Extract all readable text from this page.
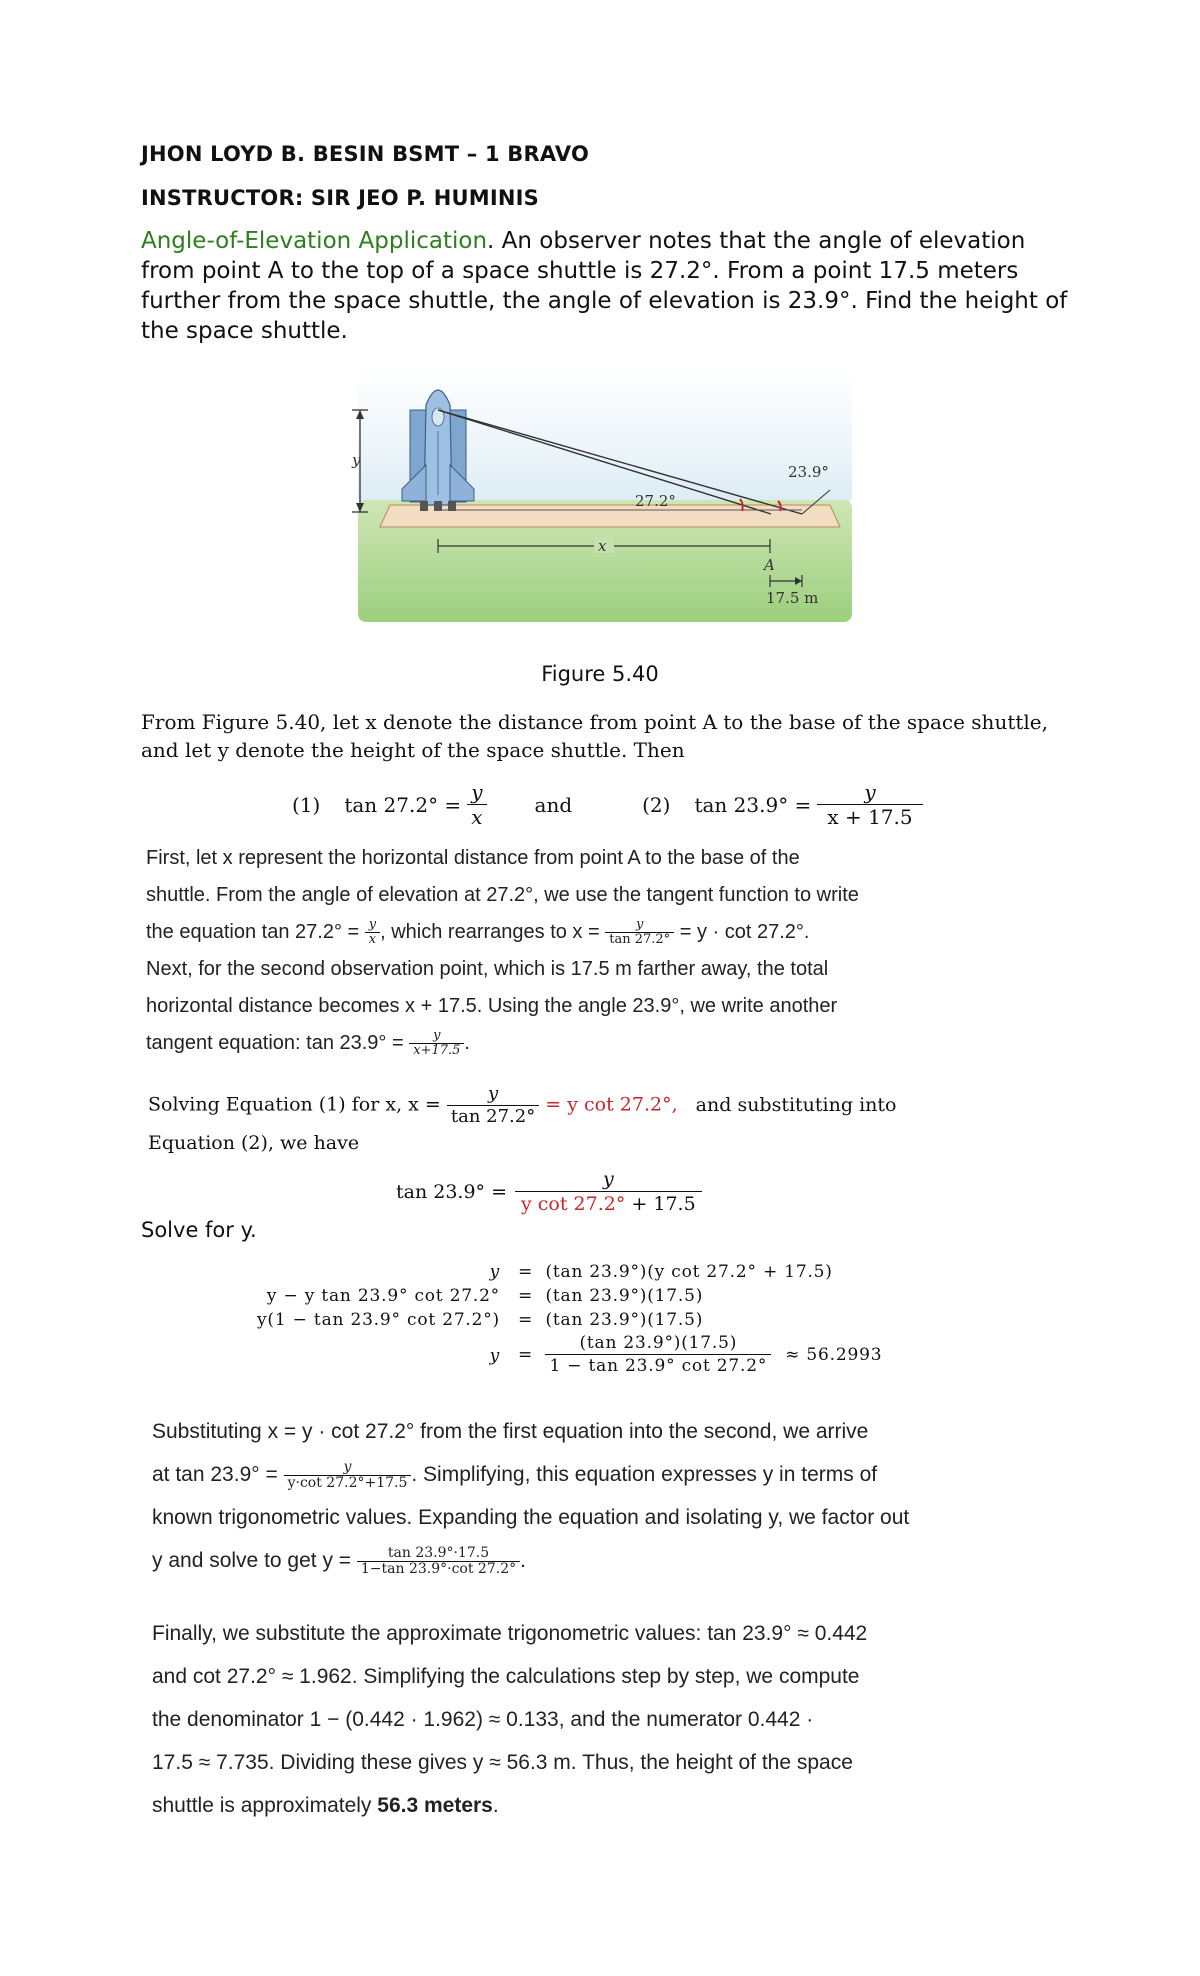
JHON LOYD B. BESIN BSMT – 1 BRAVO
INSTRUCTOR: SIR JEO P. HUMINIS
Angle-of-Elevation Application. An observer notes that the angle of elevation from point A to the top of a space shuttle is 27.2°. From a point 17.5 meters further from the space shuttle, the angle of elevation is 23.9°. Find the height of the space shuttle.
27.2°
23.9°
y
x
A
17.5 m
Figure 5.40
From Figure 5.40, let x denote the distance from point A to the base of the space shuttle, and let y denote the height of the space shuttle. Then
(1) $\tan 27.2^\circ = \frac{y}{x}$ and	(2) $\tan 23.9^\circ = \frac{y}{x + 17.5}$
First, let x represent the horizontal distance from point A to the base of the
shuttle. From the angle of elevation at 27.2°, we use the tangent function to write
the equation $\tan 27.2^\circ = \frac{y}{x}$ , which rearranges to $x = \frac{y}{\tan 27.2^\circ} = y \cdot \cot 27.2^\circ$.
Next, for the second observation point, which is 17.5 m farther away, the total
horizontal distance becomes x + 17.5. Using the angle 23.9°, we write another
tangent equation: $\tan 23.9^\circ = \frac{y}{x+17.5}$ .
Solving Equation (1) for x, $x = \frac{y}{\tan 27.2^\circ} = y$ cot 27.2°, and substituting into
Equation (2), we have
$\tan 23.9^\circ = \frac{y}{\text{y cot 27.2° + 17.5}}$
Solve for y.
y = (tan 23.9°)(y cot 27.2° + 17.5)
y − y tan 23.9° cot 27.2° = (tan 23.9°)(17.5)
y(1 − tan 23.9° cot 27.2°) = (tan 23.9°)(17.5)
y =
$\frac{(\tan 23.9^\circ)(17.5)}{1 - \tan 23.9^\circ \cot 27.2^\circ} \approx 56.2993$
Substituting x = y · cot 27.2° from the first equation into the second, we arrive
at $\tan 23.9^\circ = \frac{y}{y\cdot\cot 27.2^\circ+17.5}$ . Simplifying, this equation expresses y in terms of
known trigonometric values. Expanding the equation and isolating y, we factor out
y and solve to get $y = \frac{\tan 23.9^\circ\cdot 17.5}{1-\tan 23.9^\circ\cdot\cot 27.2^\circ}$ .
Finally, we substitute the approximate trigonometric values: tan 23.9° ≈ 0.442
and cot 27.2° ≈ 1.962. Simplifying the calculations step by step, we compute
the denominator 1 − (0.442 · 1.962) ≈ 0.133, and the numerator 0.442 ·
17.5 ≈ 7.735. Dividing these gives y ≈ 56.3 m. Thus, the height of the space
shuttle is approximately 56.3 meters.
